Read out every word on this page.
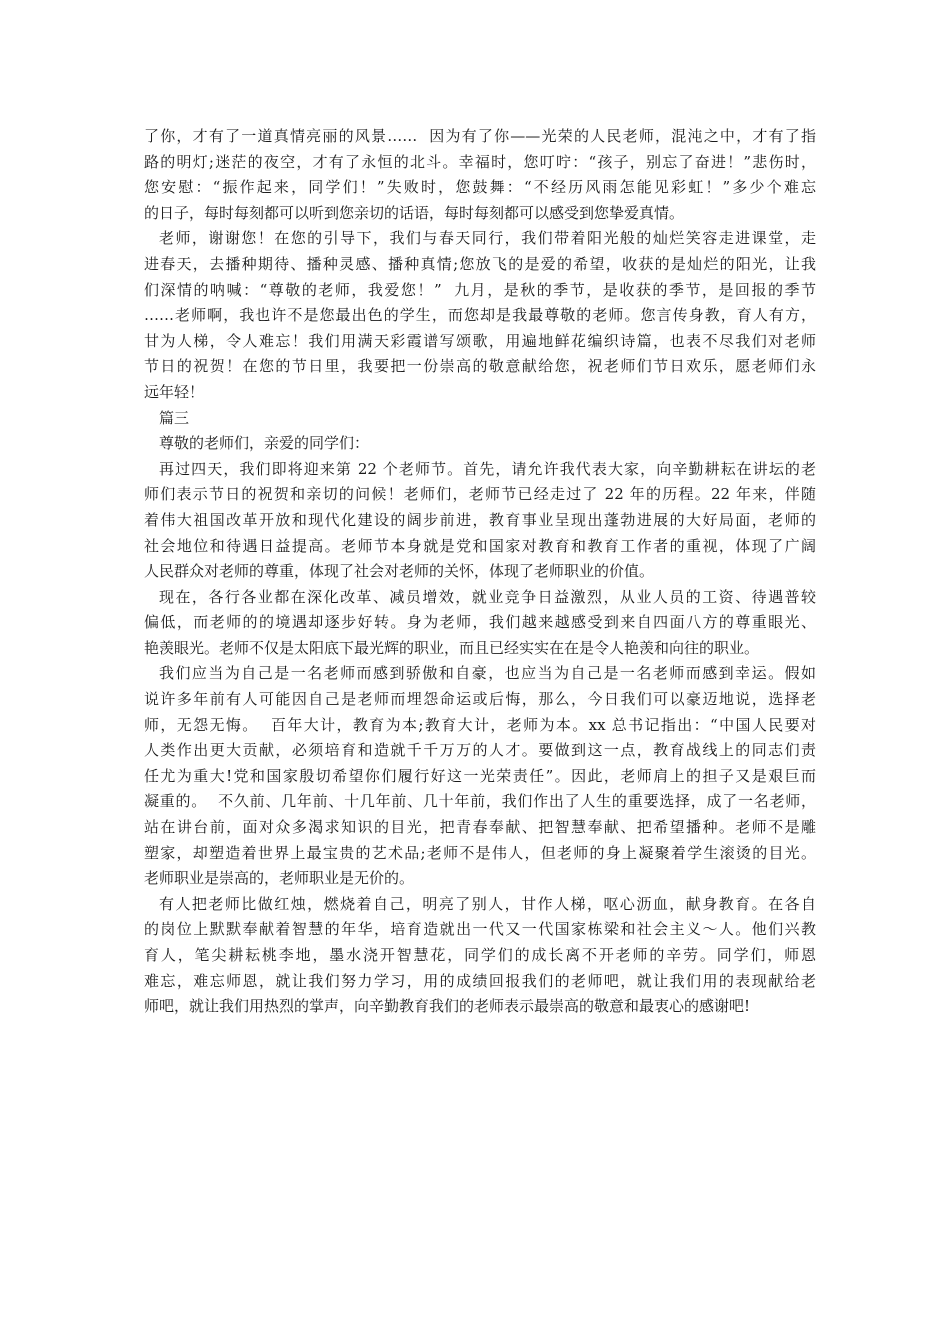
了你，才有了一道真情亮丽的风景……  因为有了你——光荣的人民老师，混沌之中，才有了指
路的明灯;迷茫的夜空，才有了永恒的北斗。幸福时，您叮咛：“孩子，别忘了奋进！”悲伤时，
您安慰：“振作起来，同学们！”失败时，您鼓舞：“不经历风雨怎能见彩虹！”多少个难忘
的日子，每时每刻都可以听到您亲切的话语，每时每刻都可以感受到您挚爱真情。
老师，谢谢您！在您的引导下，我们与春天同行，我们带着阳光般的灿烂笑容走进课堂，走
进春天，去播种期待、播种灵感、播种真情;您放飞的是爱的希望，收获的是灿烂的阳光，让我
们深情的呐喊：“尊敬的老师，我爱您！”  九月，是秋的季节，是收获的季节，是回报的季节
……老师啊，我也许不是您最出色的学生，而您却是我最尊敬的老师。您言传身教，育人有方，
甘为人梯，令人难忘！我们用满天彩霞谱写颂歌，用遍地鲜花编织诗篇，也表不尽我们对老师
节日的祝贺！在您的节日里，我要把一份崇高的敬意献给您，祝老师们节日欢乐，愿老师们永
远年轻！
篇三
尊敬的老师们，亲爱的同学们：
再过四天，我们即将迎来第 22 个老师节。首先，请允许我代表大家，向辛勤耕耘在讲坛的老
师们表示节日的祝贺和亲切的问候！老师们，老师节已经走过了 22 年的历程。22 年来，伴随
着伟大祖国改革开放和现代化建设的阔步前进，教育事业呈现出蓬勃进展的大好局面，老师的
社会地位和待遇日益提高。老师节本身就是党和国家对教育和教育工作者的重视，体现了广阔
人民群众对老师的尊重，体现了社会对老师的关怀，体现了老师职业的价值。
现在，各行各业都在深化改革、减员增效，就业竞争日益激烈，从业人员的工资、待遇普较
偏低，而老师的的境遇却逐步好转。身为老师，我们越来越感受到来自四面八方的尊重眼光、
艳羡眼光。老师不仅是太阳底下最光辉的职业，而且已经实实在在是令人艳羡和向往的职业。
我们应当为自己是一名老师而感到骄傲和自豪，也应当为自己是一名老师而感到幸运。假如
说许多年前有人可能因自己是老师而埋怨命运或后悔，那么，今日我们可以豪迈地说，选择老
师，无怨无悔。  百年大计，教育为本;教育大计，老师为本。xx 总书记指出：“中国人民要对
人类作出更大贡献，必须培育和造就千千万万的人才。要做到这一点，教育战线上的同志们责
任尤为重大!党和国家殷切希望你们履行好这一光荣责任”。因此，老师肩上的担子又是艰巨而
凝重的。  不久前、几年前、十几年前、几十年前，我们作出了人生的重要选择，成了一名老师，
站在讲台前，面对众多渴求知识的目光，把青春奉献、把智慧奉献、把希望播种。老师不是雕
塑家，却塑造着世界上最宝贵的艺术品;老师不是伟人，但老师的身上凝聚着学生滚烫的目光。
老师职业是崇高的，老师职业是无价的。
有人把老师比做红烛，燃烧着自己，明亮了别人，甘作人梯，呕心沥血，献身教育。在各自
的岗位上默默奉献着智慧的年华，培育造就出一代又一代国家栋梁和社会主义～人。他们兴教
育人，笔尖耕耘桃李地，墨水浇开智慧花，同学们的成长离不开老师的辛劳。同学们，师恩
难忘，难忘师恩，就让我们努力学习，用的成绩回报我们的老师吧，就让我们用的表现献给老
师吧，就让我们用热烈的掌声，向辛勤教育我们的老师表示最崇高的敬意和最衷心的感谢吧!
